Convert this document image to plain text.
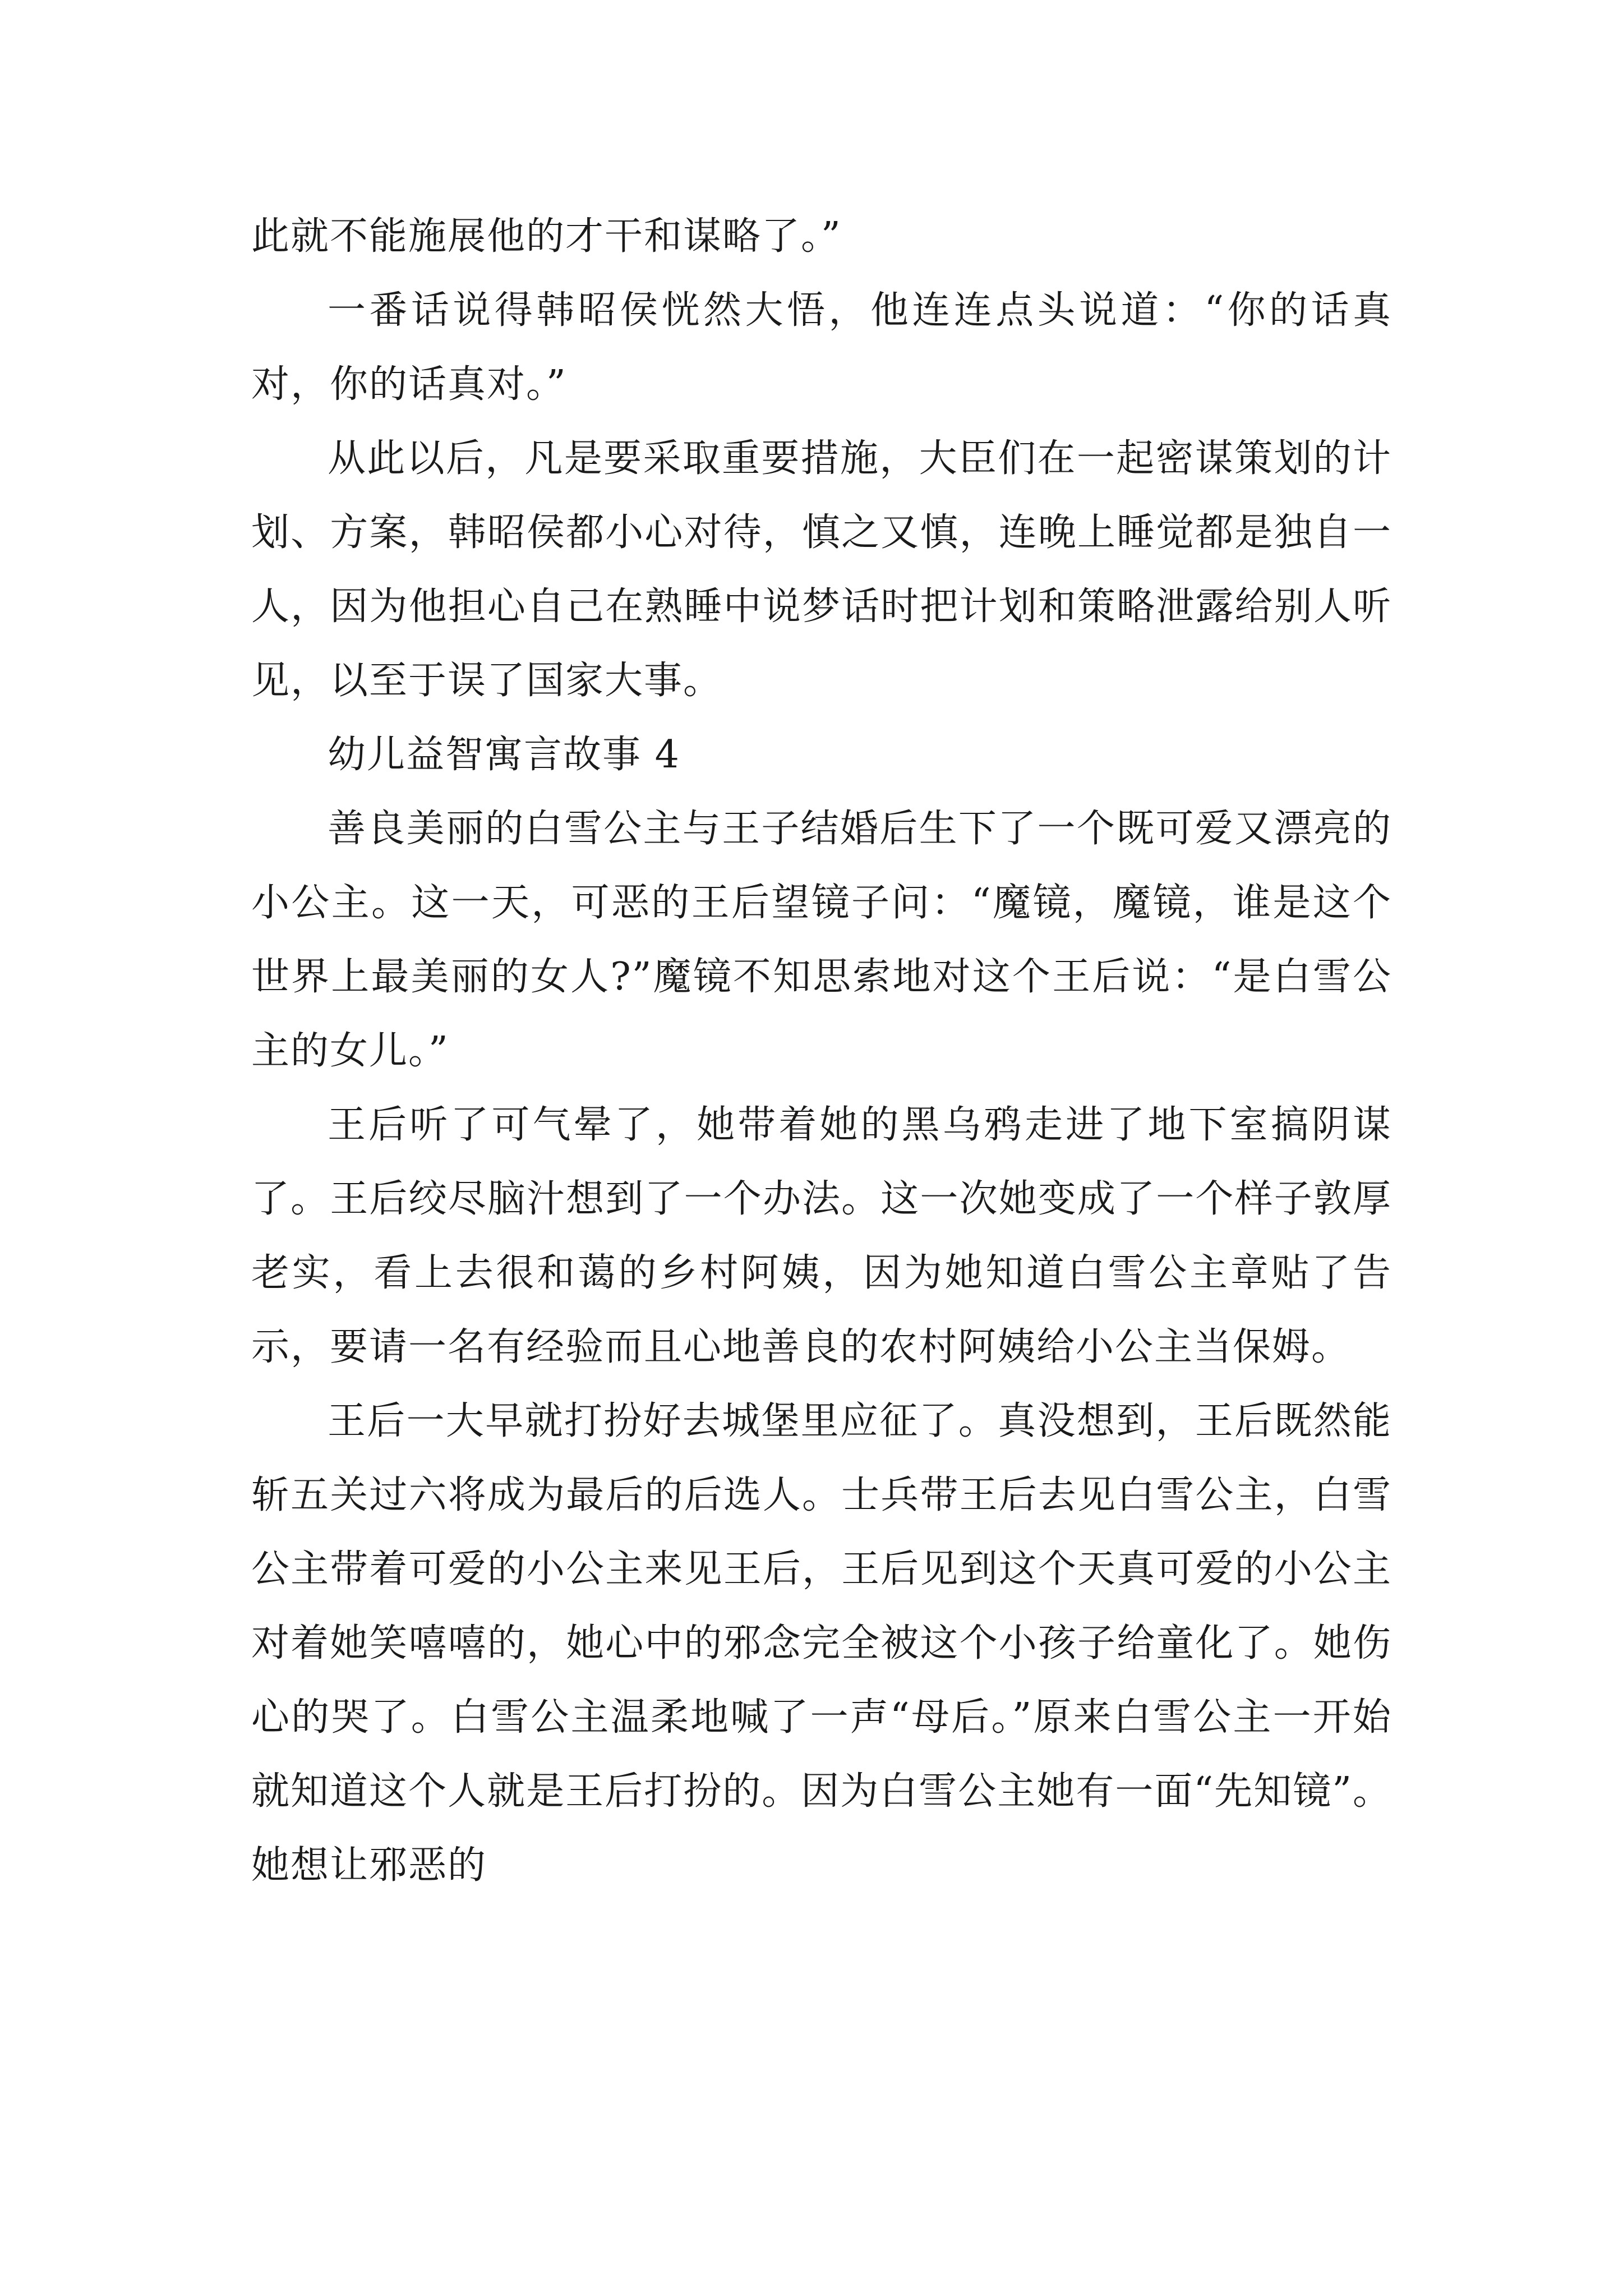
此就不能施展他的才干和谋略了。”

一番话说得韩昭侯恍然大悟，他连连点头说道：“你的话真对，你的话真对。”

从此以后，凡是要采取重要措施，大臣们在一起密谋策划的计划、方案，韩昭侯都小心对待，慎之又慎，连晚上睡觉都是独自一人，因为他担心自己在熟睡中说梦话时把计划和策略泄露给别人听见，以至于误了国家大事。

幼儿益智寓言故事 4

善良美丽的白雪公主与王子结婚后生下了一个既可爱又漂亮的小公主。这一天，可恶的王后望镜子问：“魔镜，魔镜，谁是这个世界上最美丽的女人?”魔镜不知思索地对这个王后说：“是白雪公主的女儿。”

王后听了可气晕了，她带着她的黑乌鸦走进了地下室搞阴谋了。王后绞尽脑汁想到了一个办法。这一次她变成了一个样子敦厚老实，看上去很和蔼的乡村阿姨，因为她知道白雪公主章贴了告示，要请一名有经验而且心地善良的农村阿姨给小公主当保姆。

王后一大早就打扮好去城堡里应征了。真没想到，王后既然能斩五关过六将成为最后的后选人。士兵带王后去见白雪公主，白雪公主带着可爱的小公主来见王后，王后见到这个天真可爱的小公主对着她笑嘻嘻的，她心中的邪念完全被这个小孩子给童化了。她伤心的哭了。白雪公主温柔地喊了一声“母后。”原来白雪公主一开始就知道这个人就是王后打扮的。因为白雪公主她有一面“先知镜”。她想让邪恶的
